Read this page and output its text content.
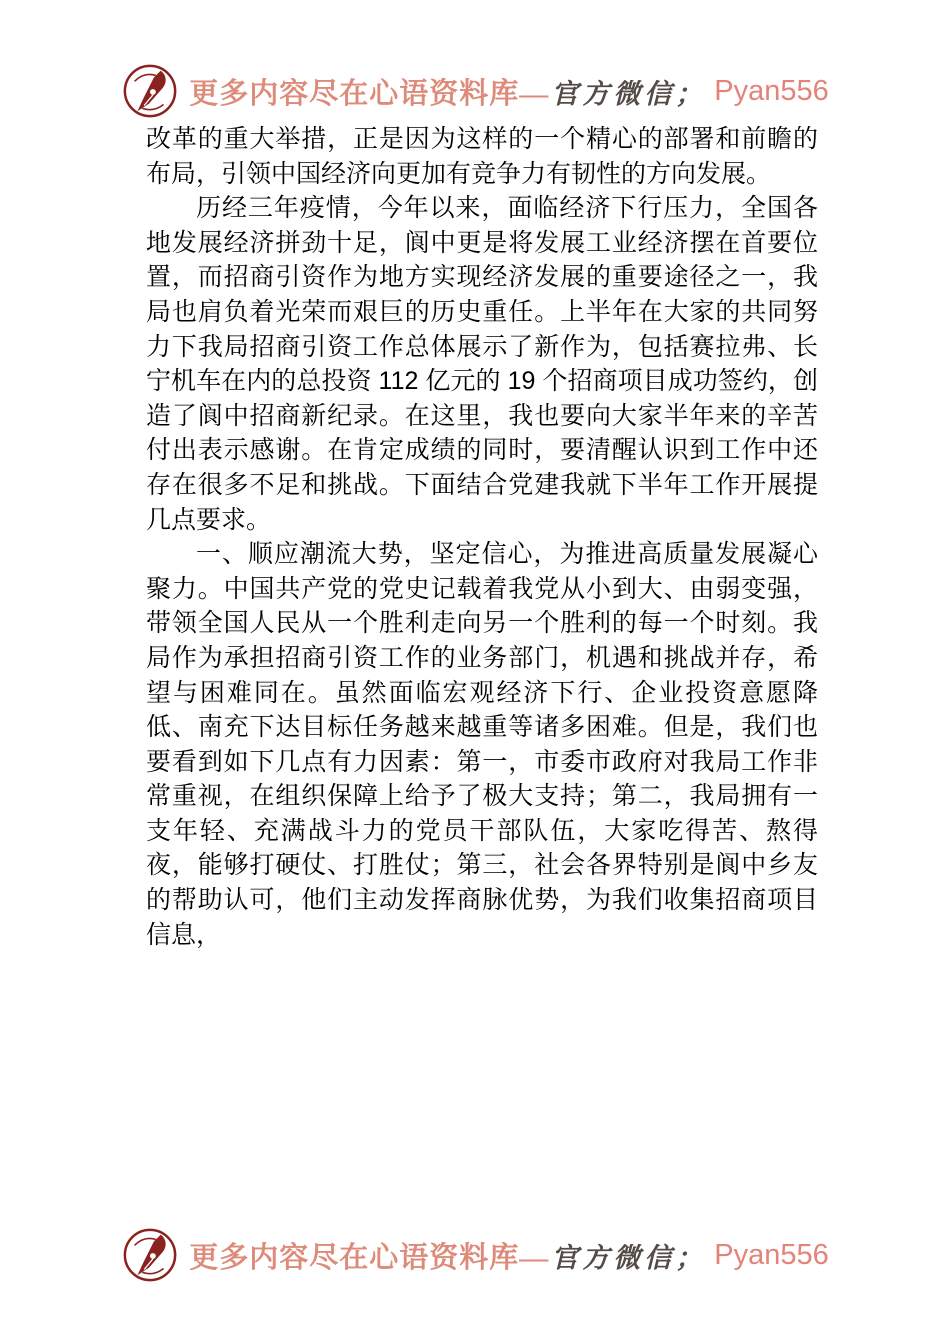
更多内容尽在心语资料库— 官方微信； Pyan556

改革的重大举措，正是因为这样的一个精心的部署和前瞻的布局，引领中国经济向更加有竞争力有韧性的方向发展。

历经三年疫情，今年以来，面临经济下行压力，全国各地发展经济拼劲十足，阆中更是将发展工业经济摆在首要位置，而招商引资作为地方实现经济发展的重要途径之一，我局也肩负着光荣而艰巨的历史重任。上半年在大家的共同努力下我局招商引资工作总体展示了新作为，包括赛拉弗、长宁机车在内的总投资 112 亿元的 19 个招商项目成功签约，创造了阆中招商新纪录。在这里，我也要向大家半年来的辛苦付出表示感谢。在肯定成绩的同时，要清醒认识到工作中还存在很多不足和挑战。下面结合党建我就下半年工作开展提几点要求。

一、顺应潮流大势，坚定信心，为推进高质量发展凝心聚力。中国共产党的党史记载着我党从小到大、由弱变强， 带领全国人民从一个胜利走向另一个胜利的每一个时刻。我局作为承担招商引资工作的业务部门，机遇和挑战并存，希望与困难同在。虽然面临宏观经济下行、企业投资意愿降低、南充下达目标任务越来越重等诸多困难。但是，我们也要看到如下几点有力因素：第一，市委市政府对我局工作非常重视，在组织保障上给予了极大支持；第二，我局拥有一支年轻、充满战斗力的党员干部队伍，大家吃得苦、熬得夜，能够打硬仗、打胜仗；第三，社会各界特别是阆中乡友的帮助认可，他们主动发挥商脉优势，为我们收集招商项目信息，

更多内容尽在心语资料库— 官方微信； Pyan556
